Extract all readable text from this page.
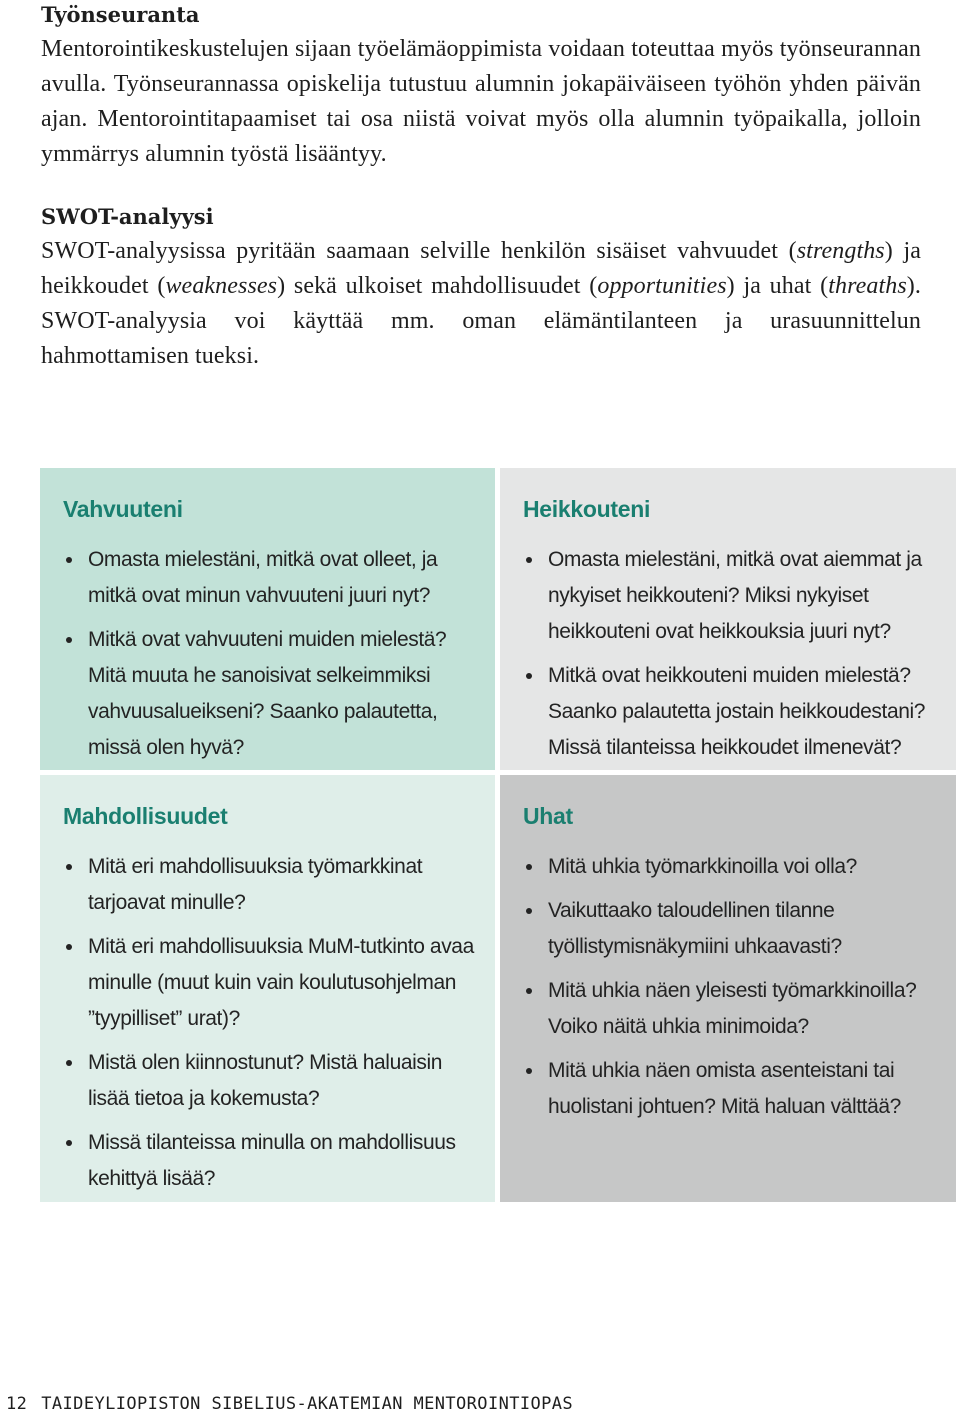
Työnseuranta

Mentorointikeskustelujen sijaan työelämäoppimista voidaan toteuttaa myös työnseurannan avulla. Työnseurannassa opiskelija tutustuu alumnin jokapäiväiseen työhön yhden päivän ajan. Mentorointitapaamiset tai osa niistä voivat myös olla alumnin työpaikalla, jolloin ymmärrys alumnin työstä lisääntyy.

SWOT-analyysi

SWOT-analyysissa pyritään saamaan selville henkilön sisäiset vahvuudet (strengths) ja heikkoudet (weaknesses) sekä ulkoiset mahdollisuudet (opportunities) ja uhat (threaths). SWOT-analyysia voi käyttää mm. oman elämäntilanteen ja urasuunnittelun hahmottamisen tueksi.

Vahvuuteni
Omasta mielestäni, mitkä ovat olleet, ja mitkä ovat minun vahvuuteni juuri nyt?
Mitkä ovat vahvuuteni muiden mielestä? Mitä muuta he sanoisivat selkeimmiksi vahvuusalueikseni? Saanko palautetta, missä olen hyvä?
Heikkouteni
Omasta mielestäni, mitkä ovat aiemmat ja nykyiset heikkouteni? Miksi nykyiset heikkouteni ovat heikkouksia juuri nyt?
Mitkä ovat heikkouteni muiden mielestä? Saanko palautetta jostain heikkoudestani? Missä tilanteissa heikkoudet ilmenevät?
Mahdollisuudet
Mitä eri mahdollisuuksia työmarkkinat tarjoavat minulle?
Mitä eri mahdollisuuksia MuM-tutkinto avaa minulle (muut kuin vain koulutusohjelman ”tyypilliset” urat)?
Mistä olen kiinnostunut? Mistä haluaisin lisää tietoa ja kokemusta?
Missä tilanteissa minulla on mahdollisuus kehittyä lisää?
Uhat
Mitä uhkia työmarkkinoilla voi olla?
Vaikuttaako taloudellinen tilanne työllistymisnäkymiini uhkaavasti?
Mitä uhkia näen yleisesti työmarkkinoilla? Voiko näitä uhkia minimoida?
Mitä uhkia näen omista asenteistani tai huolistani johtuen? Mitä haluan välttää?
12 TAIDEYLIOPISTON SIBELIUS-AKATEMIAN MENTOROINTIOPAS
